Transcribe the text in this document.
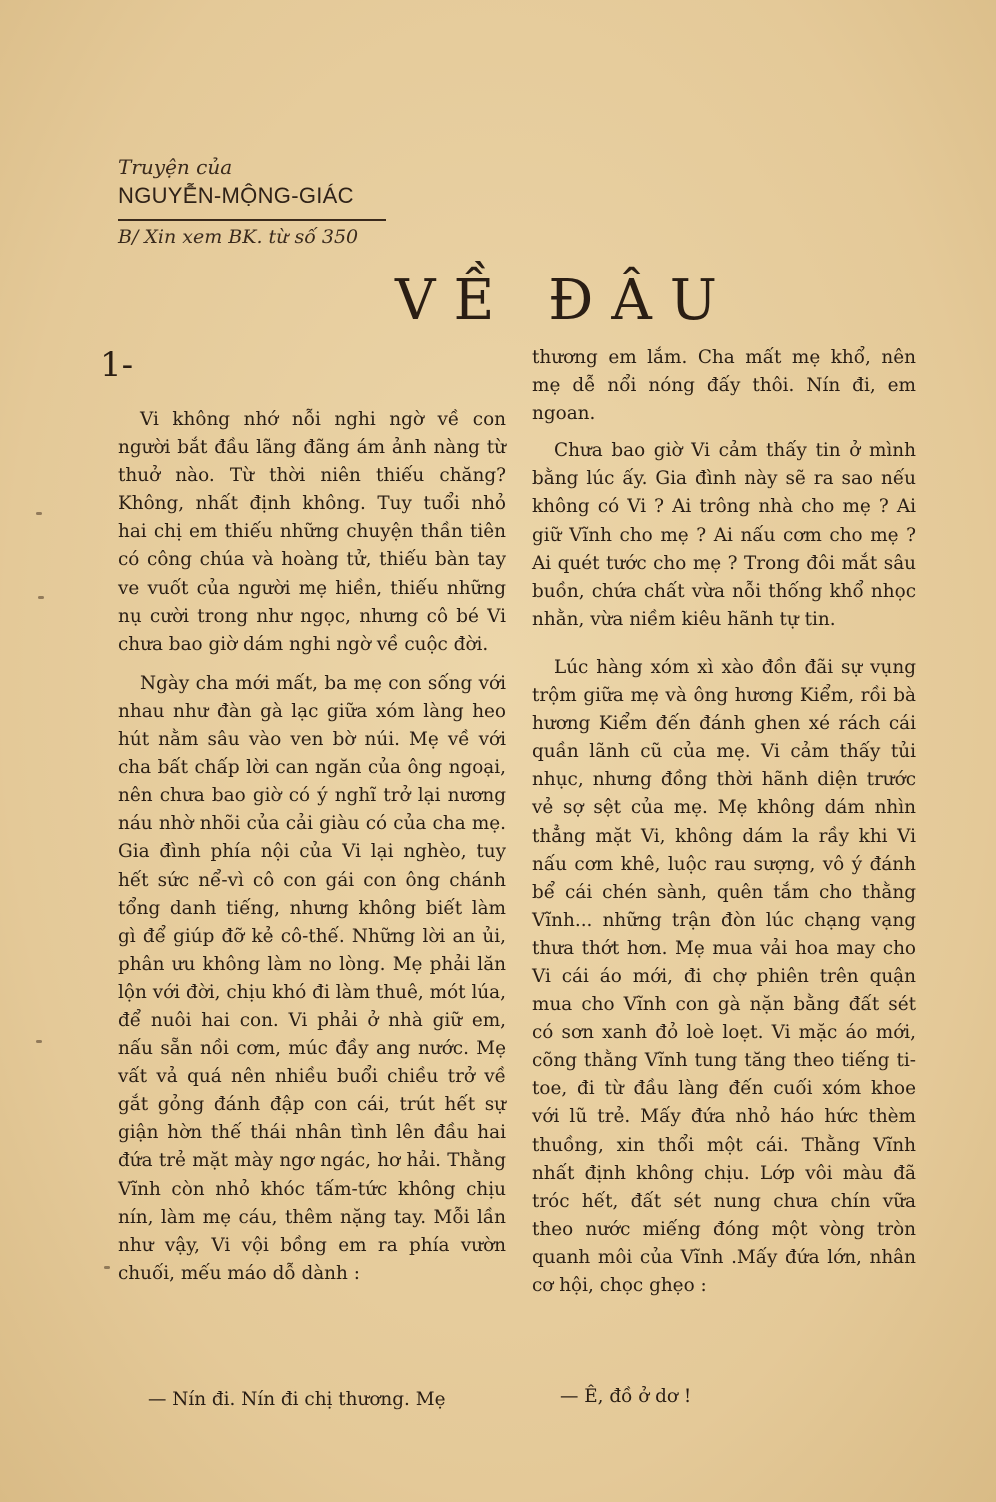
Truyện của
NGUYỄN-MỘNG-GIÁC
B/ Xin xem BK. từ số 350
VỀ ĐÂU
1-

Vi không nhớ nỗi nghi ngờ về con người bắt đầu lãng đãng ám ảnh nàng từ thuở nào. Từ thời niên thiếu chăng? Không, nhất định không. Tuy tuổi nhỏ hai chị em thiếu những chuyện thần tiên có công chúa và hoàng tử, thiếu bàn tay ve vuốt của người mẹ hiền, thiếu những nụ cười trong như ngọc, nhưng cô bé Vi chưa bao giờ dám nghi ngờ về cuộc đời.

Ngày cha mới mất, ba mẹ con sống với nhau như đàn gà lạc giữa xóm làng heo hút nằm sâu vào ven bờ núi. Mẹ về với cha bất chấp lời can ngăn của ông ngoại, nên chưa bao giờ có ý nghĩ trở lại nương náu nhờ nhõi của cải giàu có của cha mẹ. Gia đình phía nội của Vi lại nghèo, tuy hết sức nể-vì cô con gái con ông chánh tổng danh tiếng, nhưng không biết làm gì để giúp đỡ kẻ cô-thế. Những lời an ủi, phân ưu không làm no lòng. Mẹ phải lăn lộn với đời, chịu khó đi làm thuê, mót lúa, để nuôi hai con. Vi phải ở nhà giữ em, nấu sẵn nồi cơm, múc đầy ang nước. Mẹ vất vả quá nên nhiều buổi chiều trở về gắt gỏng đánh đập con cái, trút hết sự giận hờn thế thái nhân tình lên đầu hai đứa trẻ mặt mày ngơ ngác, hơ hải. Thằng Vĩnh còn nhỏ khóc tấm-tức không chịu nín, làm mẹ cáu, thêm nặng tay. Mỗi lần như vậy, Vi vội bồng em ra phía vườn chuối, mếu máo dỗ dành :

— Nín đi. Nín đi chị thương. Mẹ

thương em lắm. Cha mất mẹ khổ, nên mẹ dễ nổi nóng đấy thôi. Nín đi, em ngoan.

Chưa bao giờ Vi cảm thấy tin ở mình bằng lúc ấy. Gia đình này sẽ ra sao nếu không có Vi ? Ai trông nhà cho mẹ ? Ai giữ Vĩnh cho mẹ ? Ai nấu cơm cho mẹ ? Ai quét tước cho mẹ ? Trong đôi mắt sâu buồn, chứa chất vừa nỗi thống khổ nhọc nhằn, vừa niềm kiêu hãnh tự tin.

Lúc hàng xóm xì xào đồn đãi sự vụng trộm giữa mẹ và ông hương Kiểm, rồi bà hương Kiểm đến đánh ghen xé rách cái quần lãnh cũ của mẹ. Vi cảm thấy tủi nhục, nhưng đồng thời hãnh diện trước vẻ sợ sệt của mẹ. Mẹ không dám nhìn thẳng mặt Vi, không dám la rầy khi Vi nấu cơm khê, luộc rau sượng, vô ý đánh bể cái chén sành, quên tắm cho thằng Vĩnh... những trận đòn lúc chạng vạng thưa thớt hơn. Mẹ mua vải hoa may cho Vi cái áo mới, đi chợ phiên trên quận mua cho Vĩnh con gà nặn bằng đất sét có sơn xanh đỏ loè loẹt. Vi mặc áo mới, cõng thằng Vĩnh tung tăng theo tiếng ti-toe, đi từ đầu làng đến cuối xóm khoe với lũ trẻ. Mấy đứa nhỏ háo hức thèm thuồng, xin thổi một cái. Thằng Vĩnh nhất định không chịu. Lớp vôi màu đã tróc hết, đất sét nung chưa chín vữa theo nước miếng đóng một vòng tròn quanh môi của Vĩnh .Mấy đứa lớn, nhân cơ hội, chọc ghẹo :

— Ê, đồ ở dơ !
